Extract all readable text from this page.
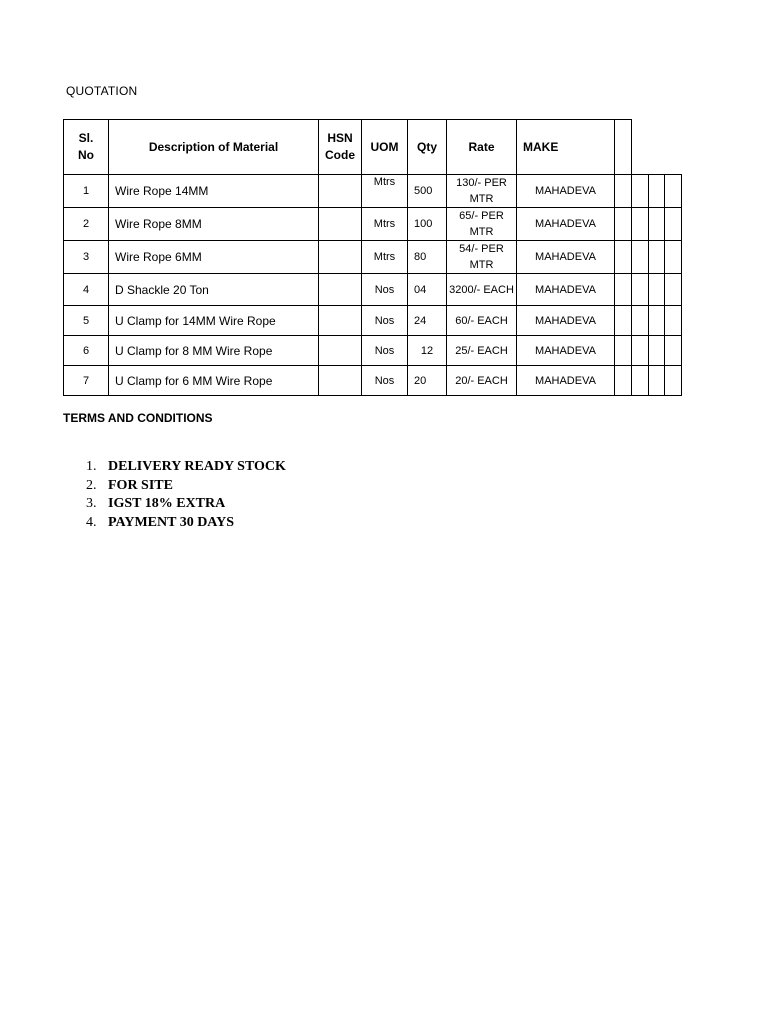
QUOTATION
Sl. No	Description of Material	HSN Code	UOM	Qty	Rate	MAKE				
1	Wire Rope 14MM		Mtrs	500	130/- PER MTR	MAHADEVA				
2	Wire Rope 8MM		Mtrs	100	65/- PER MTR	MAHADEVA				
3	Wire Rope 6MM		Mtrs	80	54/- PER MTR	MAHADEVA				
4	D Shackle 20 Ton		Nos	04	3200/- EACH	MAHADEVA				
5	U Clamp for 14MM Wire Rope		Nos	24	60/- EACH	MAHADEVA				
6	U Clamp for 8 MM Wire Rope		Nos	12	25/- EACH	MAHADEVA				
7	U Clamp for 6 MM Wire Rope		Nos	20	20/- EACH	MAHADEVA				
TERMS AND CONDITIONS
1. DELIVERY READY STOCK
2. FOR SITE
3. IGST 18% EXTRA
4. PAYMENT 30 DAYS
